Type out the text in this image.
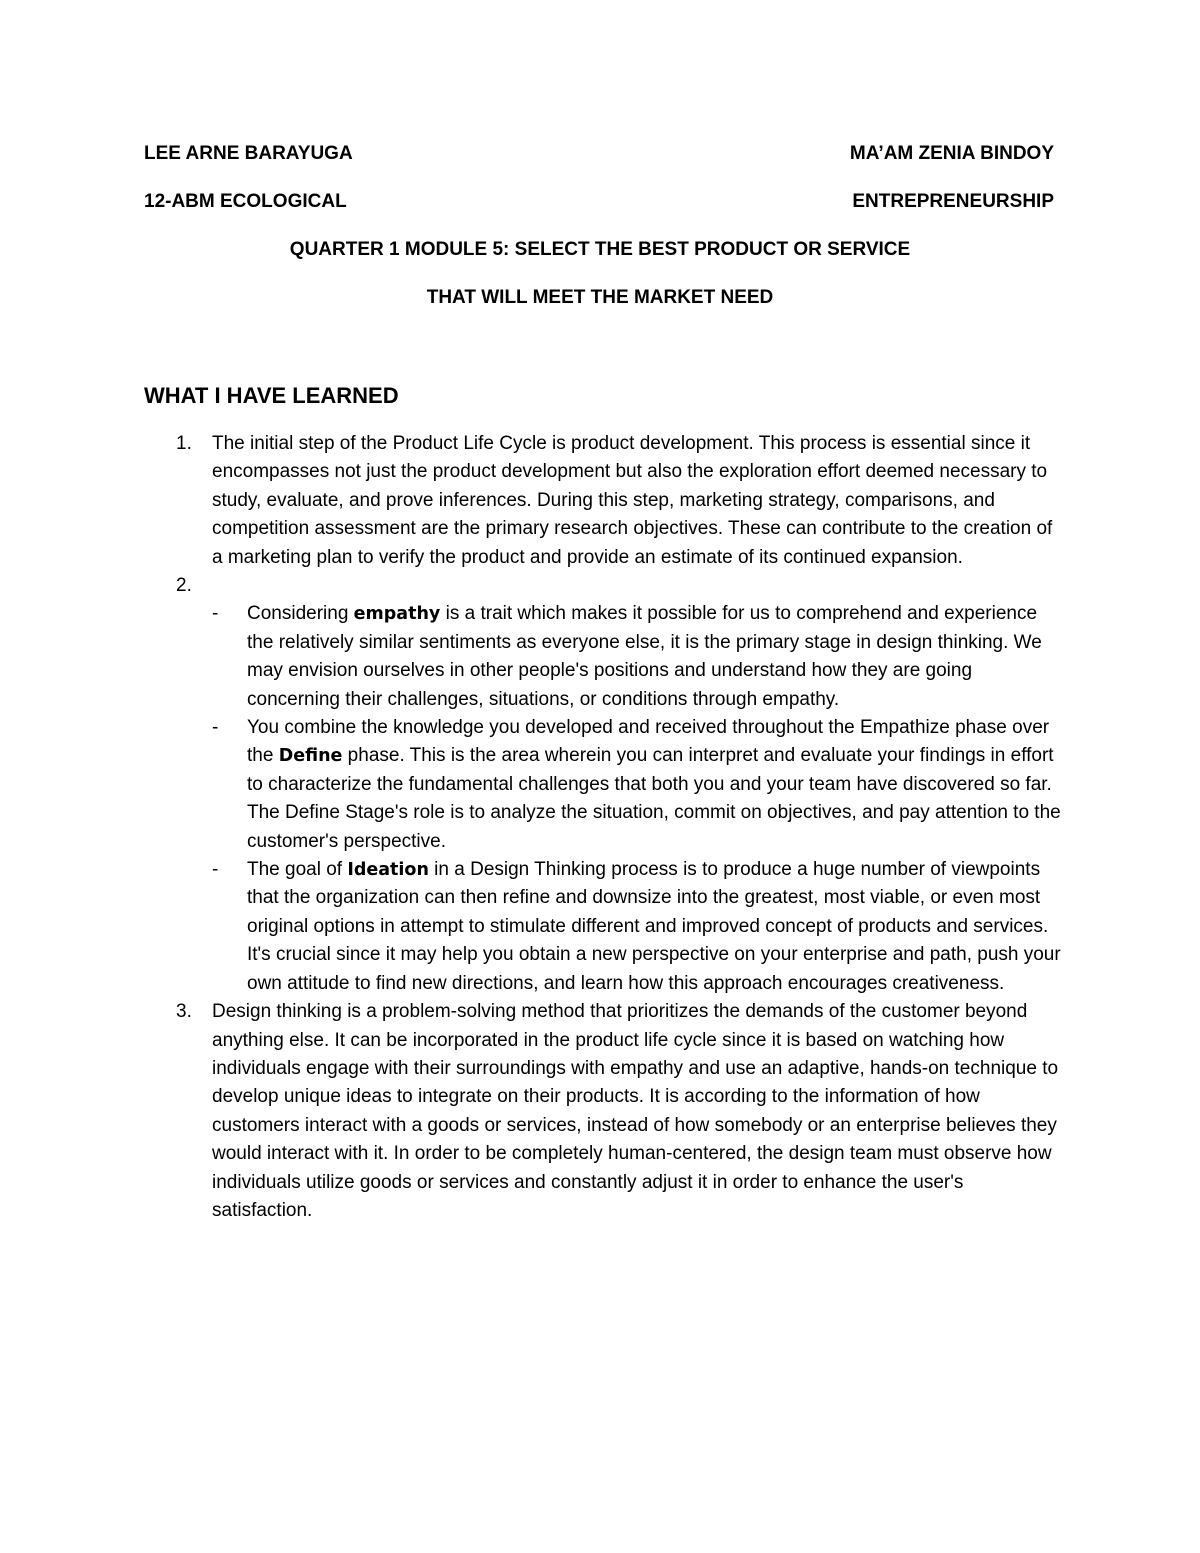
LEE ARNE BARAYUGA	MA’AM ZENIA BINDOY
12-ABM ECOLOGICAL	ENTREPRENEURSHIP
QUARTER 1 MODULE 5: SELECT THE BEST PRODUCT OR SERVICE
THAT WILL MEET THE MARKET NEED
WHAT I HAVE LEARNED
1. The initial step of the Product Life Cycle is product development. This process is essential since it encompasses not just the product development but also the exploration effort deemed necessary to study, evaluate, and prove inferences. During this step, marketing strategy, comparisons, and competition assessment are the primary research objectives. These can contribute to the creation of a marketing plan to verify the product and provide an estimate of its continued expansion.
2.
- Considering empathy is a trait which makes it possible for us to comprehend and experience the relatively similar sentiments as everyone else, it is the primary stage in design thinking. We may envision ourselves in other people's positions and understand how they are going concerning their challenges, situations, or conditions through empathy.
- You combine the knowledge you developed and received throughout the Empathize phase over the Define phase. This is the area wherein you can interpret and evaluate your findings in effort to characterize the fundamental challenges that both you and your team have discovered so far. The Define Stage's role is to analyze the situation, commit on objectives, and pay attention to the customer's perspective.
- The goal of Ideation in a Design Thinking process is to produce a huge number of viewpoints that the organization can then refine and downsize into the greatest, most viable, or even most original options in attempt to stimulate different and improved concept of products and services. It's crucial since it may help you obtain a new perspective on your enterprise and path, push your own attitude to find new directions, and learn how this approach encourages creativeness.
3. Design thinking is a problem-solving method that prioritizes the demands of the customer beyond anything else. It can be incorporated in the product life cycle since it is based on watching how individuals engage with their surroundings with empathy and use an adaptive, hands-on technique to develop unique ideas to integrate on their products. It is according to the information of how customers interact with a goods or services, instead of how somebody or an enterprise believes they would interact with it. In order to be completely human-centered, the design team must observe how individuals utilize goods or services and constantly adjust it in order to enhance the user's satisfaction.
